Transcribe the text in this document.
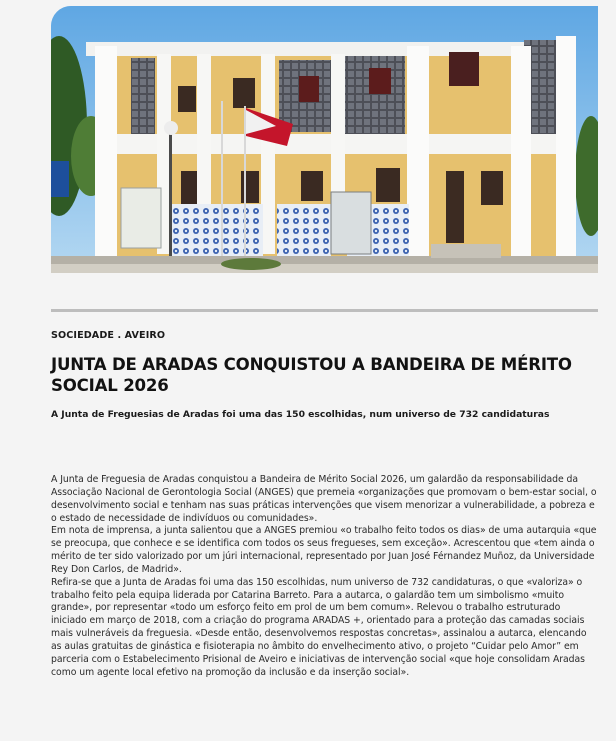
SOCIEDADE . AVEIRO
JUNTA DE ARADAS CONQUISTOU A BANDEIRA DE MÉRITO SOCIAL 2026
A Junta de Freguesias de Aradas foi uma das 150 escolhidas, num universo de 732 candidaturas

A Junta de Freguesia de Aradas conquistou a Bandeira de Mérito Social 2026, um galardão da responsabilidade da Associação Nacional de Gerontologia Social (ANGES) que premeia «organizações que promovam o bem-estar social, o desenvolvimento social e tenham nas suas práticas intervenções que visem menorizar a vulnerabilidade, a pobreza e o estado de necessidade de indivíduos ou comunidades».

Em nota de imprensa, a junta salientou que a ANGES premiou «o trabalho feito todos os dias» de uma autarquia «que se preocupa, que conhece e se identifica com todos os seus fregueses, sem exceção». Acrescentou que «tem ainda o mérito de ter sido valorizado por um júri internacional, representado por Juan José Férnandez Muñoz, da Universidade Rey Don Carlos, de Madrid».

Refira-se que a Junta de Aradas foi uma das 150 escolhidas, num universo de 732 candidaturas, o que «valoriza» o trabalho feito pela equipa liderada por Catarina Barreto. Para a autarca, o galardão tem um simbolismo «muito grande», por representar «todo um esforço feito em prol de um bem comum». Relevou o trabalho estruturado iniciado em março de 2018, com a criação do programa ARADAS +, orientado para a proteção das camadas sociais mais vulneráveis da freguesia. «Desde então, desenvolvemos respostas concretas», assinalou a autarca, elencando as aulas gratuitas de ginástica e fisioterapia no âmbito do envelhecimento ativo, o projeto “Cuidar pelo Amor” em parceria com o Estabelecimento Prisional de Aveiro e iniciativas de intervenção social «que hoje consolidam Aradas como um agente local efetivo na promoção da inclusão e da inserção social».
